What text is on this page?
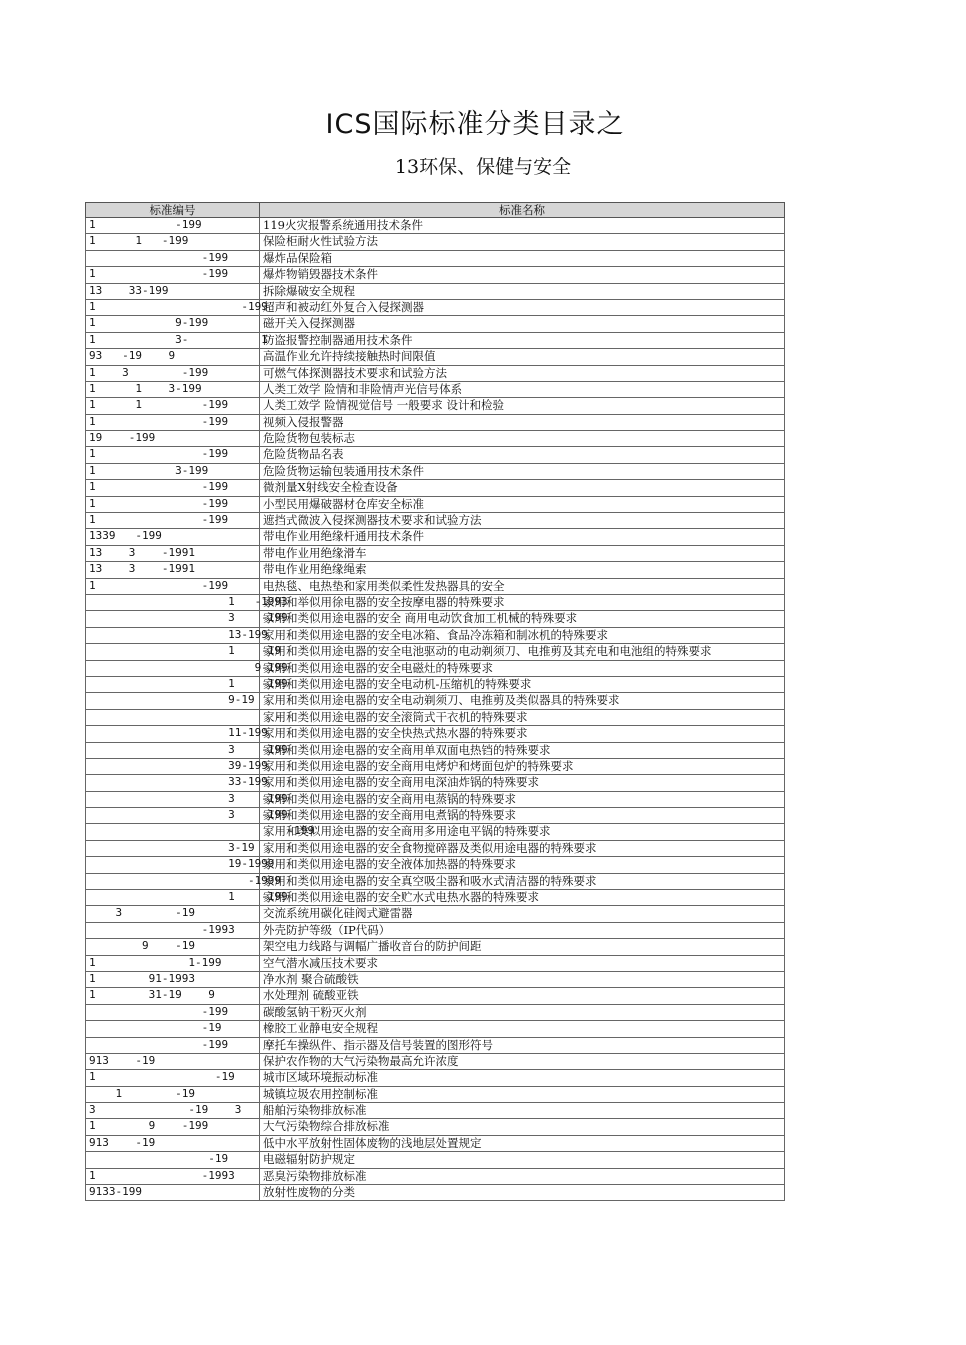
ICS国际标准分类目录之
13环保、保健与安全
标准编号	标准名称
1            -199	119火灾报警系统通用技术条件
1      1   -199	保险柜耐火性试验方法
-199	爆炸品保险箱
1                -199	爆炸物销毁器技术条件
13    33-199	拆除爆破安全规程
1                      -199	超声和被动红外复合入侵探测器
1            9-199	磁开关入侵探测器
1            3-           1	防盗报警控制器通用技术条件
93   -19    9	高温作业允许持续接触热时间限值
1    3        -199	可燃气体探测器技术要求和试验方法
1      1    3-199	人类工效学 险情和非险情声光信号体系
1      1         -199	人类工效学 险情视觉信号 一般要求 设计和检验
1                -199	视频入侵报警器
19    -199	危险货物包装标志
1                -199	危险货物品名表
1            3-199	危险货物运输包装通用技术条件
1                -199	微剂量X射线安全检查设备
1                -199	小型民用爆破器材仓库安全标准
1                -199	遮挡式微波入侵探测器技术要求和试验方法
1339   -199	带电作业用绝缘杆通用技术条件
13    3    -1991	带电作业用绝缘滑车
13    3    -1991	带电作业用绝缘绳索
1                -199	电热毯、电热垫和家用类似柔性发热器具的安全
1   -1993	家用和举似用徐电器的安全按摩电器的特殊要求
3    -199	家用和类似用途电器的安全 商用电动饮食加工机械的特殊要求
13-199	家用和类似用途电器的安全电冰箱、食品冷冻箱和制冰机的特殊要求
1    -19	家用和类似用途电器的安全电池驱动的电动剃须刀、电推剪及其充电和电池组的特殊要求
9-199	家用和类似用途电器的安全电磁灶的特殊要求
1    -199	家用和类似用途电器的安全电动机-压缩机的特殊要求
9-19	家用和类似用途电器的安全电动剃须刀、电推剪及类似器具的特殊要求
-	家用和类似用途电器的安全滚筒式干衣机的特殊要求
11-199	家用和类似用途电器的安全快热式热水器的特殊要求
3    -199	家用和类似用途电器的安全商用单双面电热铛的特殊要求
39-199	家用和类似用途电器的安全商用电烤炉和烤面包炉的特殊要求
33-199	家用和类似用途电器的安全商用电深油炸锅的特殊要求
3    -199	家用和类似用途电器的安全商用电蒸锅的特殊要求
3    -199	家用和类似用途电器的安全商用电煮锅的特殊要求
-199	家用和类似用途电器的安全商用多用途电平锅的特殊要求
3-19	家用和类似用途电器的安全食物搅碎器及类似用途电器的特殊要求
19-1999	家用和类似用途电器的安全液体加热器的特殊要求
-1999	家用和类似用途电器的安全真空吸尘器和吸水式清洁器的特殊要求
1    -199	家用和类似用途电器的安全贮水式电热水器的特殊要求
3        -19	交流系统用碳化硅阀式避雷器
-1993	外壳防护等级（IP代码）
9    -19	架空电力线路与调幅广播收音台的防护间距
1              1-199	空气潜水减压技术要求
1        91-1993	净水剂 聚合硫酸铁
1        31-19    9	水处理剂 硫酸亚铁
-199	碳酸氢钠干粉灭火剂
-19	橡胶工业静电安全规程
-199	摩托车操纵件、指示器及信号装置的图形符号
913    -19	保护农作物的大气污染物最高允许浓度
1                  -19	城市区域环境振动标准
1        -19	城镇垃圾农用控制标准
3              -19    3	船舶污染物排放标准
1        9    -199	大气污染物综合排放标准
913    -19	低中水平放射性固体废物的浅地层处置规定
-19	电磁辐射防护规定
1                -1993	恶臭污染物排放标准
9133-199	放射性废物的分类
